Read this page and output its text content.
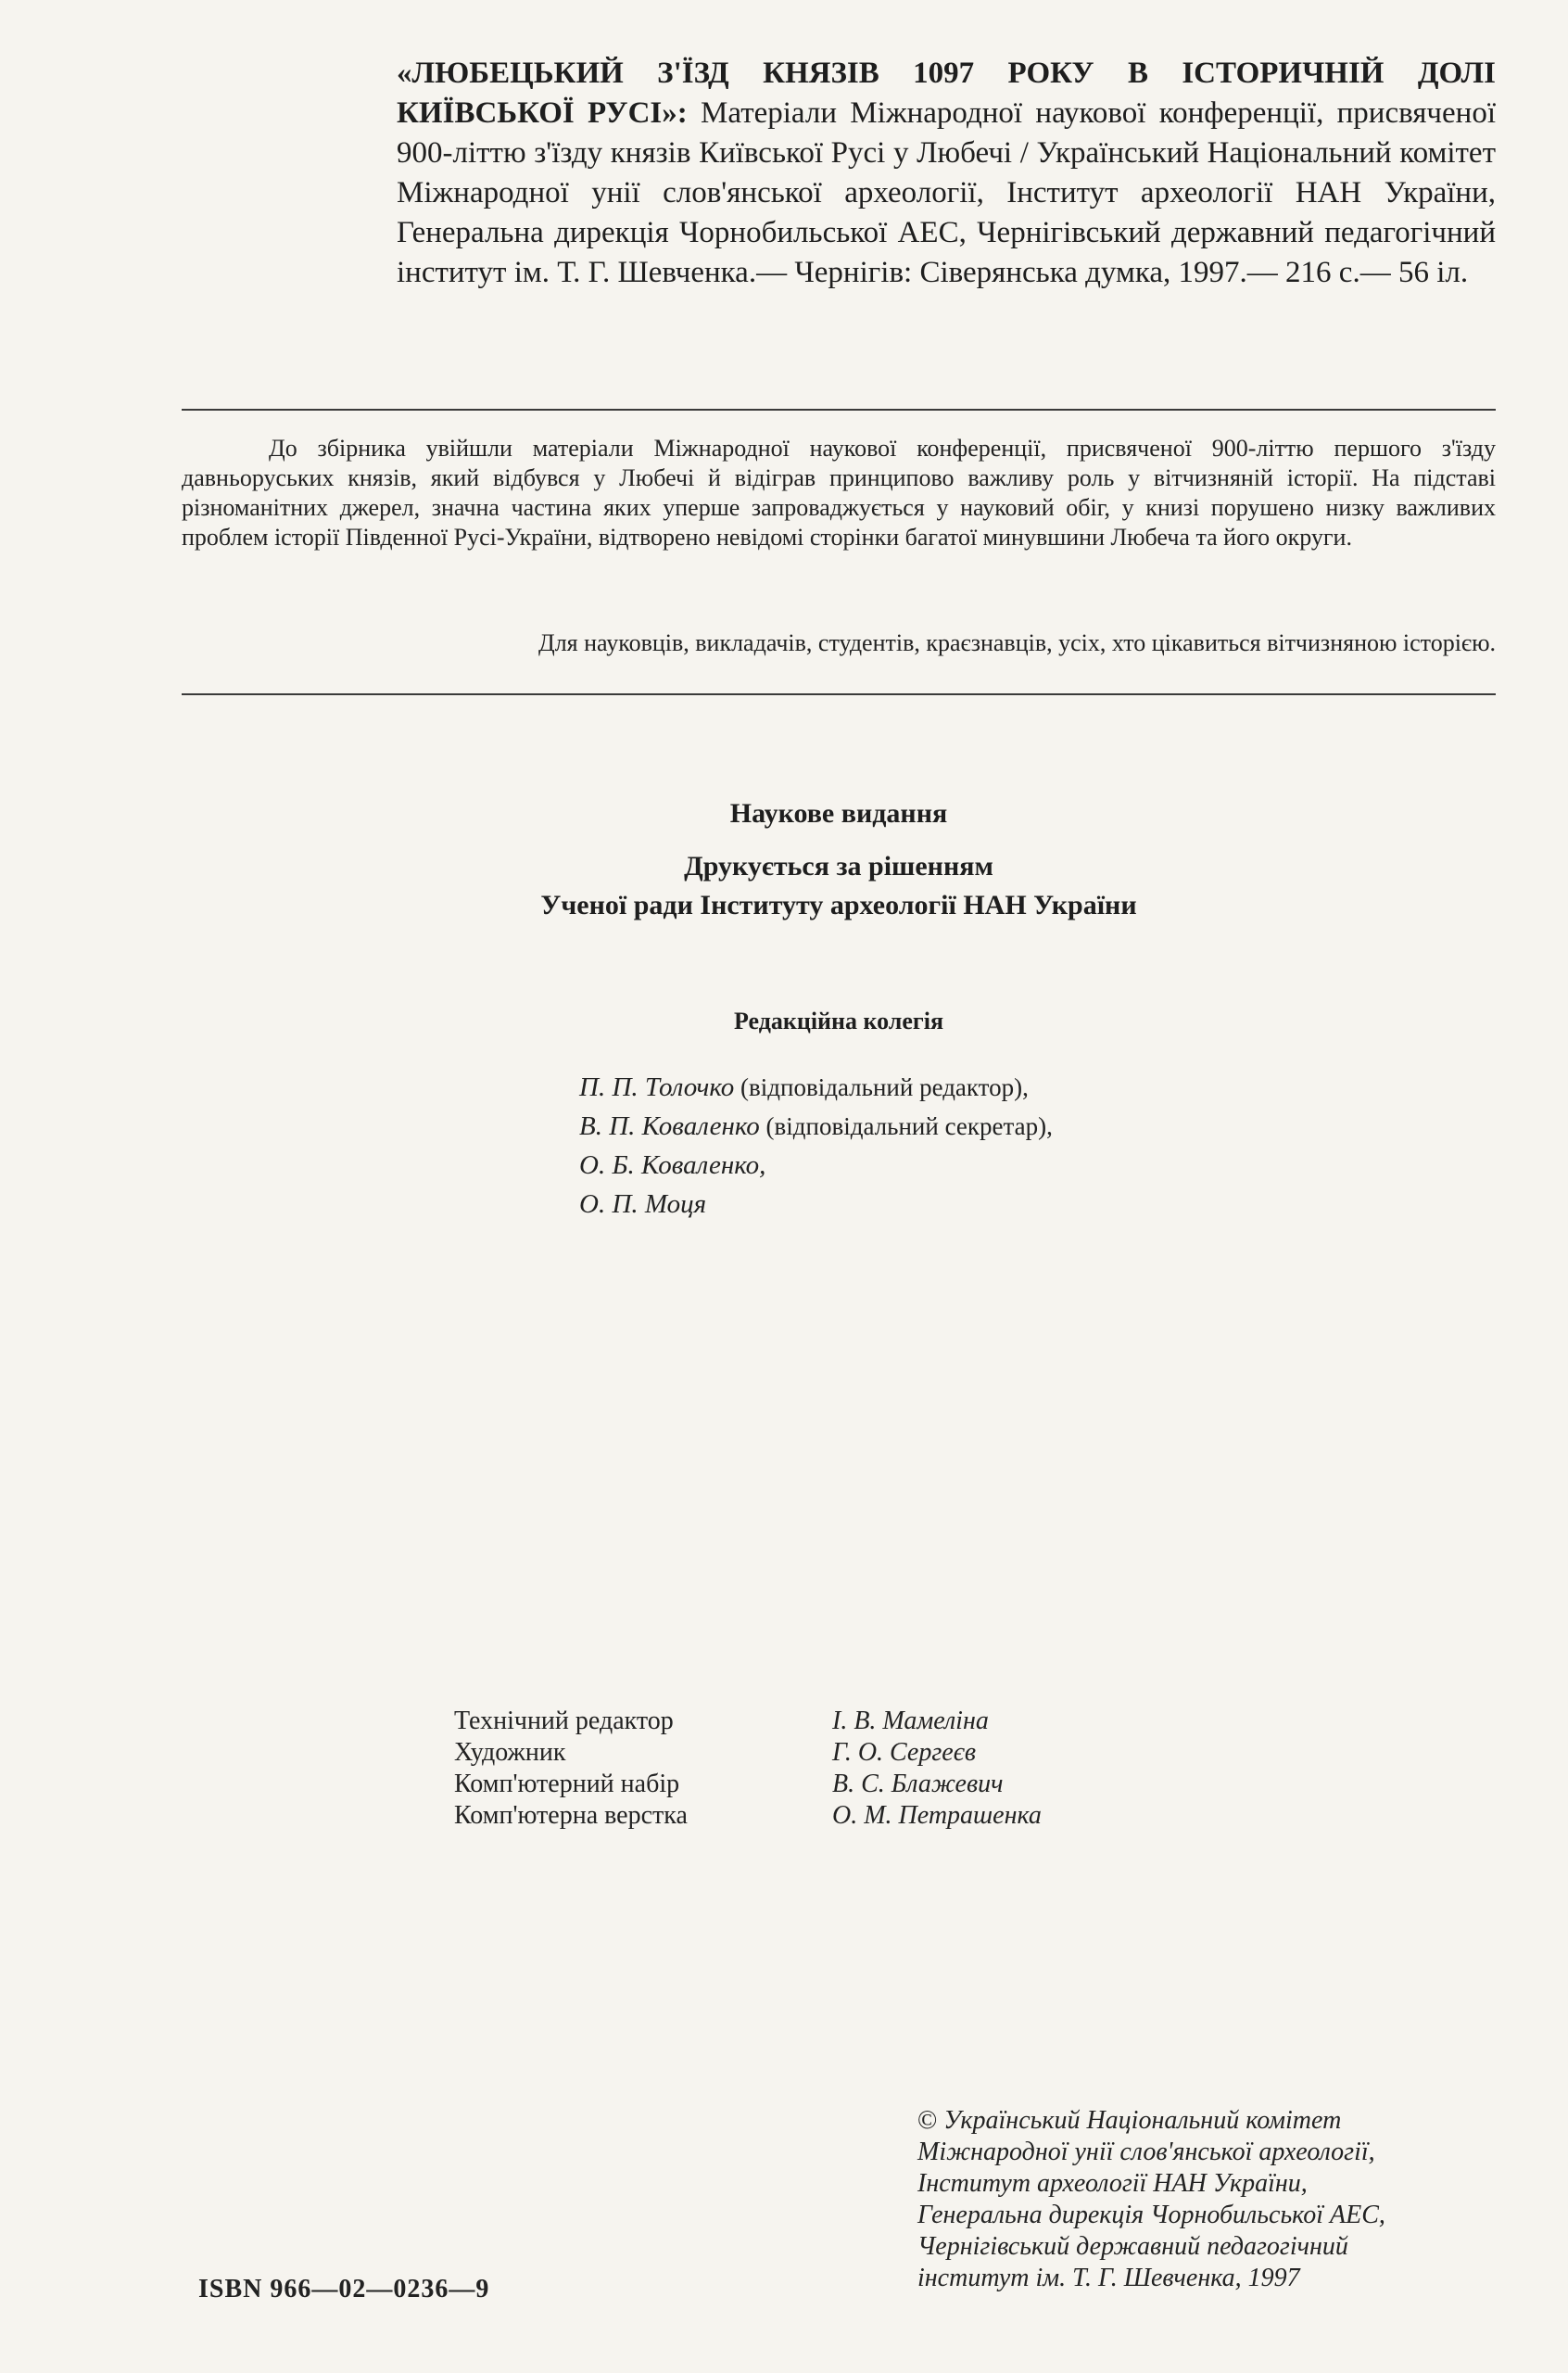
«ЛЮБЕЦЬКИЙ З'ЇЗД КНЯЗІВ 1097 РОКУ В ІСТОРИЧНІЙ ДОЛІ КИЇВСЬКОЇ РУСІ»: Матеріали Міжнародної наукової конференції, присвяченої 900-літтю з'їзду князів Київської Русі у Любечі / Український Національний комітет Міжнародної унії слов'янської археології, Інститут археології НАН України, Генеральна дирекція Чорнобильської АЕС, Чернігівський державний педагогічний інститут ім. Т. Г. Шевченка.— Чернігів: Сіверянська думка, 1997.— 216 с.— 56 іл.
До збірника увійшли матеріали Міжнародної наукової конференції, присвяченої 900-літтю першого з'їзду давньоруських князів, який відбувся у Любечі й відіграв принципово важливу роль у вітчизняній історії. На підставі різноманітних джерел, значна частина яких уперше запроваджується у науковий обіг, у книзі порушено низку важливих проблем історії Південної Русі-України, відтворено невідомі сторінки багатої минувшини Любеча та його округи.
Для науковців, викладачів, студентів, краєзнавців, усіх, хто цікавиться вітчизняною історією.
Наукове видання
Друкується за рішенням
Ученої ради Інституту археології НАН України
Редакційна колегія
П. П. Толочко (відповідальний редактор),
В. П. Коваленко (відповідальний секретар),
О. Б. Коваленко,
О. П. Моця
Технічний редактор	І. В. Мамеліна
Художник	Г. О. Сергеєв
Комп'ютерний набір	В. С. Блажевич
Комп'ютерна верстка	О. М. Петрашенка
© Український Національний комітет
Міжнародної унії слов'янської археології,
Інститут археології НАН України,
Генеральна дирекція Чорнобильської АЕС,
Чернігівський державний педагогічний
інститут ім. Т. Г. Шевченка, 1997
ISBN 966—02—0236—9
